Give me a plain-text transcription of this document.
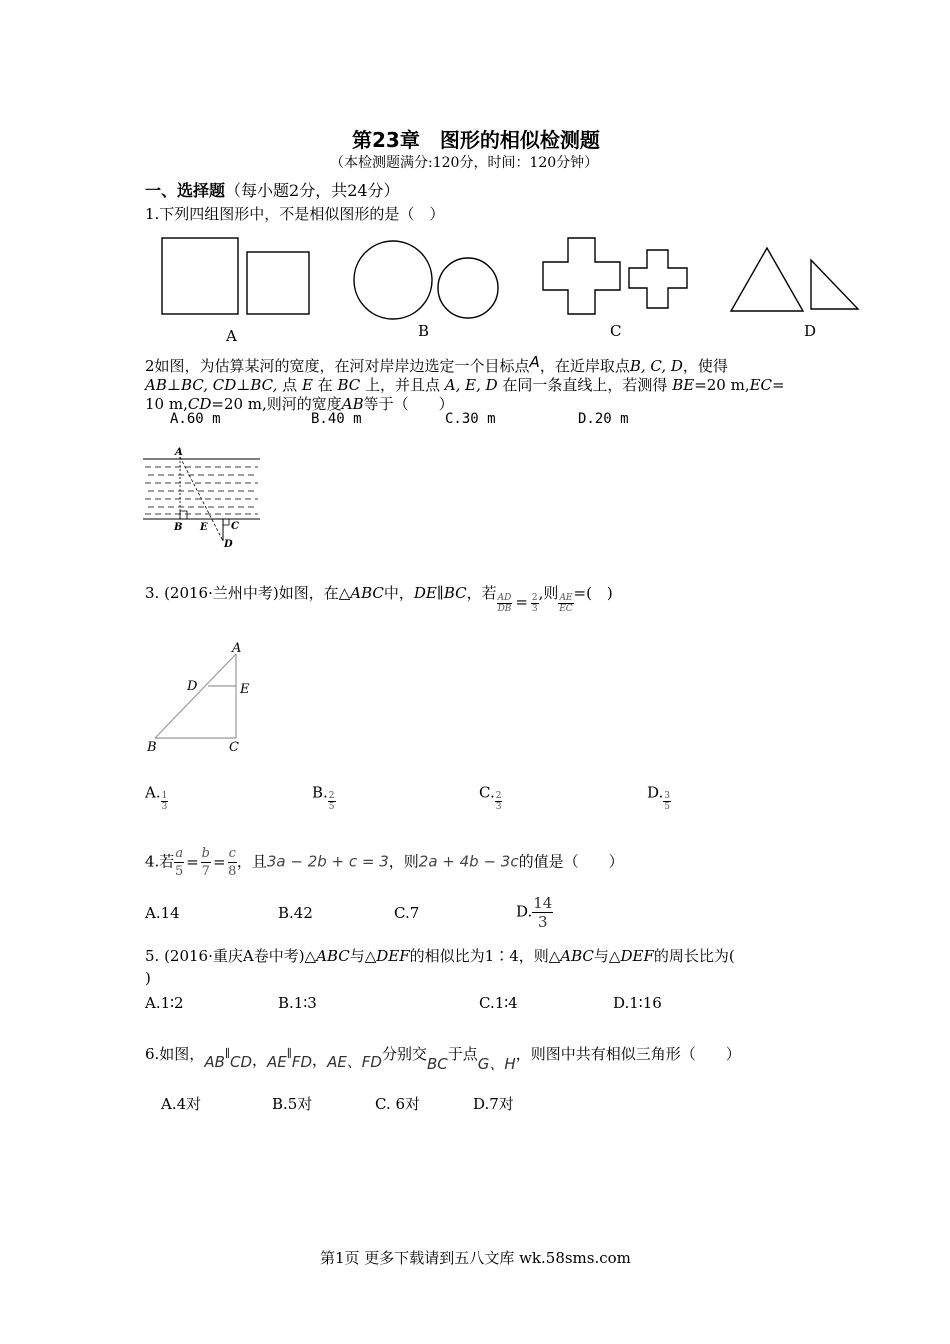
第23章　图形的相似检测题
（本检测题满分:120分，时间：120分钟）
一、选择题（每小题2分，共24分）
1.下列四组图形中，不是相似图形的是（　）
A	B	C	D
2如图，为估算某河的宽度，在河对岸岸边选定一个目标点A，在近岸取点B, C, D，使得
AB⊥BC, CD⊥BC, 点 E 在 BC 上，并且点 A, E, D 在同一条直线上，若测得 BE=20 m,EC=
10 m,CD=20 m,则河的宽度AB等于（　　）
A.60 m	B.40 m	C.30 m	D.20 m
A
B E C
D
3. (2016·兰州中考)如图，在△ABC中，DE∥BC，若 $\frac{AD}{DB} = \frac{2}{3}$ ,则 $\frac{AE}{EC}$ =(　)
A
D	E
B	C
A. $\frac{1}{3}$	B. $\frac{2}{5}$	C. $\frac{2}{3}$	D. $\frac{3}{5}$
4.若 $\frac{a}{5} = \frac{b}{7} = \frac{c}{8}$ ，且3a − 2b + c = 3，则2a + 4b − 3c的值是（　　）
A.14	B.42	C.7	D. $\frac{14}{3}$
5. (2016·重庆A卷中考)△ABC与△DEF的相似比为1∶4，则△ABC与△DEF的周长比为(
)
A.1∶2	B.1∶3	C.1∶4	D.1∶16
6.如图，AB∥CD，AE∥FD，AE、FD分别交BC于点G、H，则图中共有相似三角形（　　）
A.4对	B.5对	C. 6对	D.7对
第1页 更多下载请到五八文库 wk.58sms.com
